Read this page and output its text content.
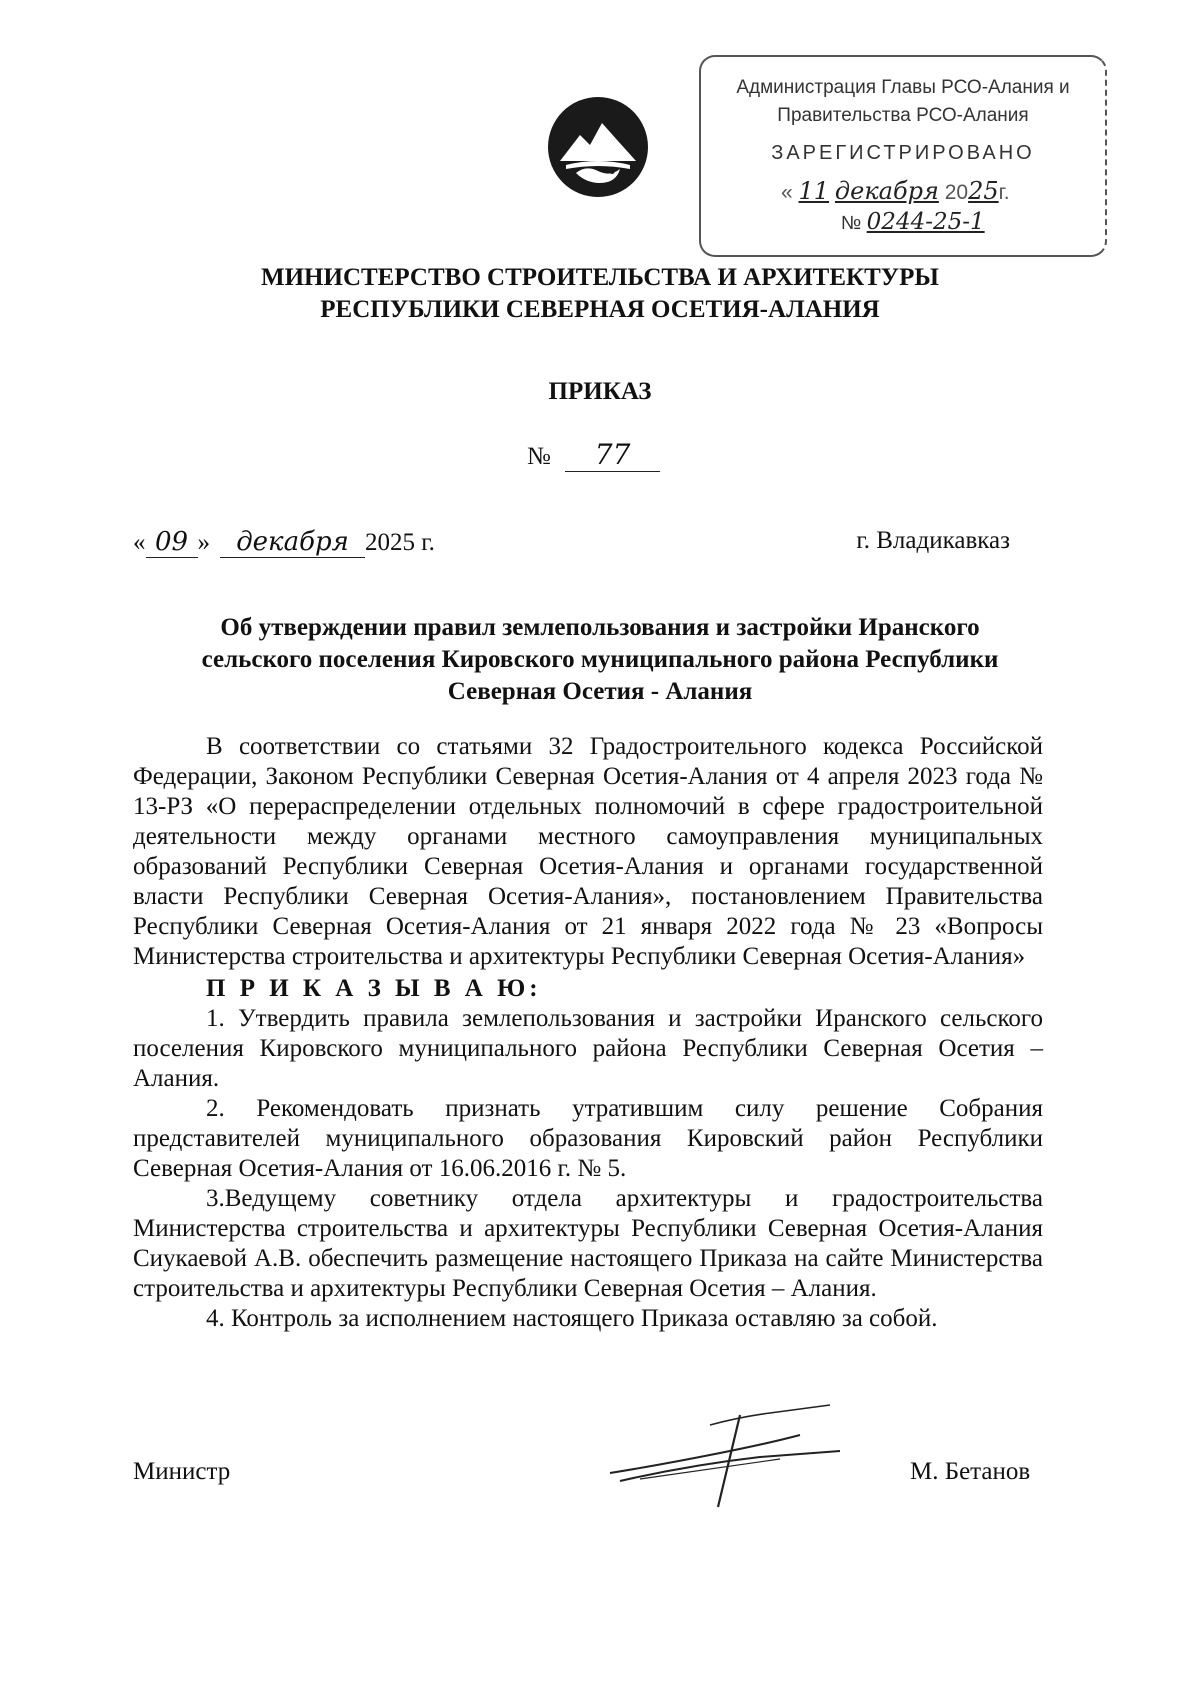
Администрация Главы РСО-Алания и
Правительства РСО-Алания
ЗАРЕГИСТРИРОВАНО
« 11 декабря 2025г.
№ 0244-25-1
МИНИСТЕРСТВО СТРОИТЕЛЬСТВА И АРХИТЕКТУРЫ
РЕСПУБЛИКИ СЕВЕРНАЯ ОСЕТИЯ-АЛАНИЯ
ПРИКАЗ
№ 77
« 09 » декабря 2025 г.	г. Владикавказ
Об утверждении правил землепользования и застройки Иранского
сельского поселения Кировского муниципального района Республики
Северная Осетия - Алания

В соответствии со статьями 32 Градостроительного кодекса Российской Федерации, Законом Республики Северная Осетия-Алания от 4 апреля 2023 года № 13-РЗ «О перераспределении отдельных полномочий в сфере градостроительной деятельности между органами местного самоуправления муниципальных образований Республики Северная Осетия-Алания и органами государственной власти Республики Северная Осетия-Алания», постановлением Правительства Республики Северная Осетия-Алания от 21 января 2022 года № 23 «Вопросы Министерства строительства и архитектуры Республики Северная Осетия-Алания»

П Р И К А З Ы В А Ю:

1. Утвердить правила землепользования и застройки Иранского сельского поселения Кировского муниципального района Республики Северная Осетия – Алания.

2. Рекомендовать признать утратившим силу решение Собрания представителей муниципального образования Кировский район Республики Северная Осетия-Алания от 16.06.2016 г. № 5.

3.Ведущему советнику отдела архитектуры и градостроительства Министерства строительства и архитектуры Республики Северная Осетия-Алания Сиукаевой А.В. обеспечить размещение настоящего Приказа на сайте Министерства строительства и архитектуры Республики Северная Осетия – Алания.

4. Контроль за исполнением настоящего Приказа оставляю за собой.

Министр	М. Бетанов
